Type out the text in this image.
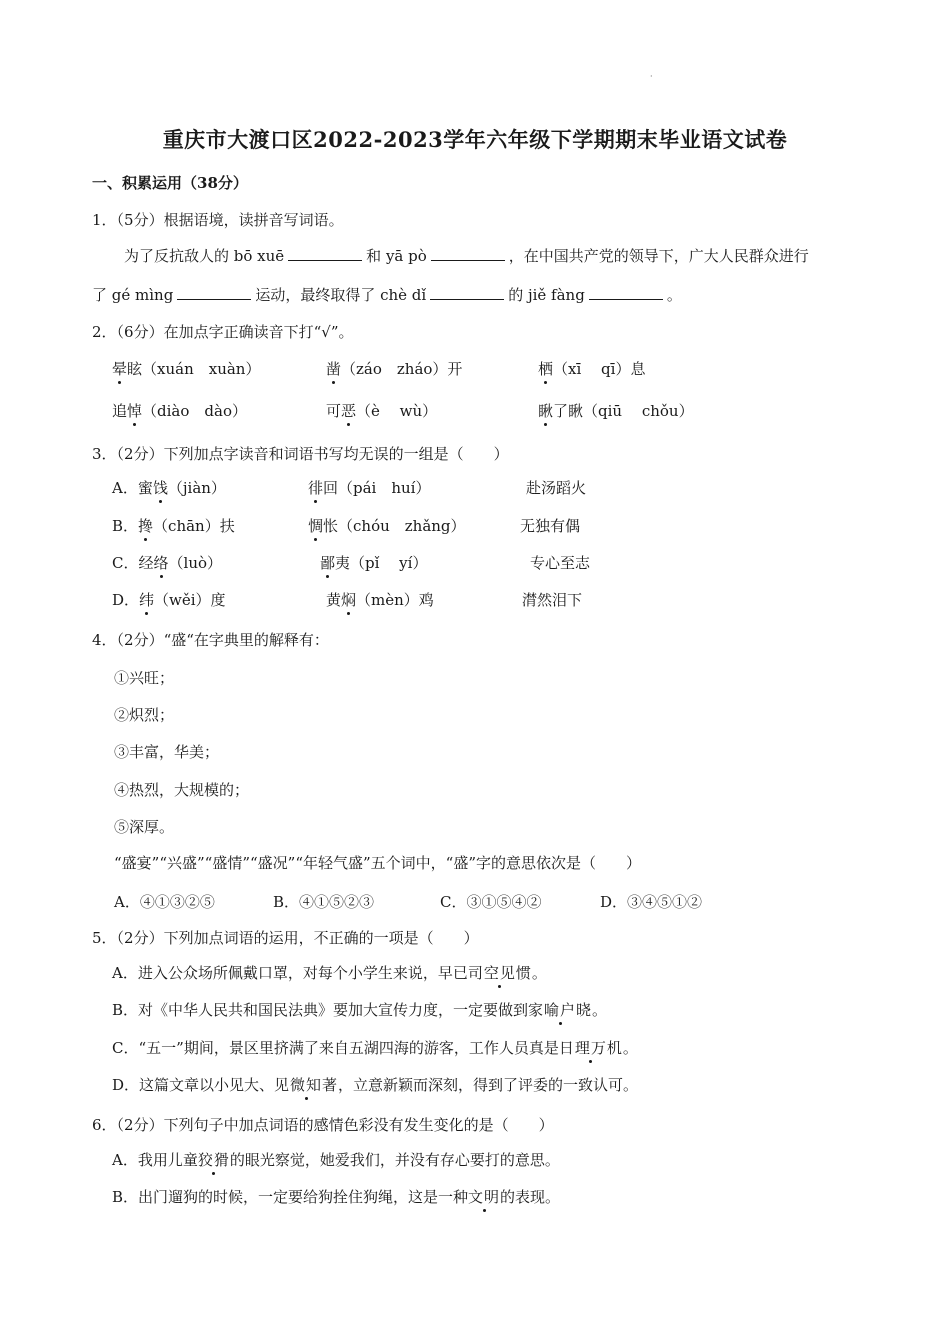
·
重庆市大渡口区2022-2023学年六年级下学期期末毕业语文试卷
一、积累运用（38分）
1．（5分）根据语境，读拼音写词语。
为了反抗敌人的 bō xuē	和 yā pò	，在中国共产党的领导下，广大人民群众进行
了 gé mìng	运动，最终取得了 chè dǐ	的 jiě fàng	。
2．（6分）在加点字正确读音下打“√”。
晕眩（xuán　xuàn）	凿（záo　zháo）开	栖（xī　 qī）息
追悼（diào　dào）	可恶（è　 wù）	瞅了瞅（qiū　 chǒu）
3．（2分）下列加点字读音和词语书写均无误的一组是（　　）
A．蜜饯（jiàn）	徘回（pái　huí）	赴汤蹈火
B．搀（chān）扶	惆怅（chóu　zhǎng）	无独有偶
C．经络（luò）	鄙夷（pǐ　 yí）	专心至志
D．纬（wěi）度	黄焖（mèn）鸡	潸然泪下
4．（2分）“盛“在字典里的解释有：
①兴旺；
②炽烈；
③丰富，华美；
④热烈，大规模的；
⑤深厚。
“盛宴”“兴盛”“盛情”“盛况”“年轻气盛”五个词中，“盛”字的意思依次是（　　）
A．④①③②⑤	B．④①⑤②③	C．③①⑤④②	D．③④⑤①②
5．（2分）下列加点词语的运用，不正确的一项是（　　）
A．进入公众场所佩戴口罩，对每个小学生来说，早已司空见惯。
B．对《中华人民共和国民法典》要加大宣传力度，一定要做到家喻户晓。
C．“五一”期间，景区里挤满了来自五湖四海的游客，工作人员真是日理万机。
D．这篇文章以小见大、见微知著，立意新颖而深刻，得到了评委的一致认可。
6．（2分）下列句子中加点词语的感情色彩没有发生变化的是（　　）
A．我用儿童狡猾的眼光察觉，她爱我们，并没有存心要打的意思。
B．出门遛狗的时候，一定要给狗拴住狗绳，这是一种文明的表现。
